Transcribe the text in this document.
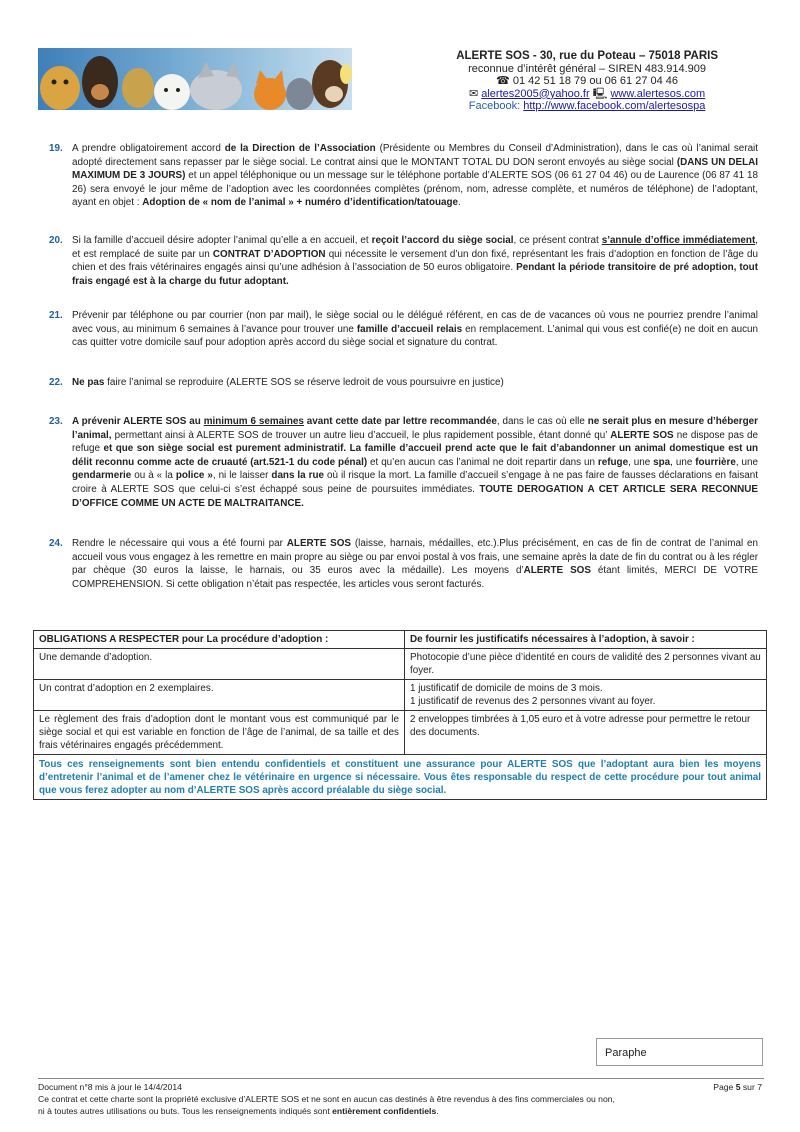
ALERTE SOS - 30, rue du Poteau – 75018 PARIS
reconnue d’intérêt général – SIREN 483.914.909
☎ 01 42 51 18 79 ou 06 61 27 04 46
✉ alertes2005@yahoo.fr 🖳 www.alertesos.com
Facebook: http://www.facebook.com/alertesospa
19. A prendre obligatoirement accord de la Direction de l’Association (Présidente ou Membres du Conseil d’Administration), dans le cas où l’animal serait adopté directement sans repasser par le siège social. Le contrat ainsi que le MONTANT TOTAL DU DON seront envoyés au siège social (DANS UN DELAI MAXIMUM DE 3 JOURS) et un appel téléphonique ou un message sur le téléphone portable d’ALERTE SOS (06 61 27 04 46) ou de Laurence (06 87 41 18 26) sera envoyé le jour même de l’adoption avec les coordonnées complètes (prénom, nom, adresse complète, et numéros de téléphone) de l’adoptant, ayant en objet : Adoption de « nom de l’animal » + numéro d’identification/tatouage.
20. Si la famille d’accueil désire adopter l’animal qu’elle a en accueil, et reçoit l’accord du siège social, ce présent contrat s’annule d’office immédiatement, et est remplacé de suite par un CONTRAT D’ADOPTION qui nécessite le versement d’un don fixé, représentant les frais d’adoption en fonction de l’âge du chien et des frais vétérinaires engagés ainsi qu’une adhésion à l’association de 50 euros obligatoire. Pendant la période transitoire de pré adoption, tout frais engagé est à la charge du futur adoptant.
21. Prévenir par téléphone ou par courrier (non par mail), le siège social ou le délégué référent, en cas de de vacances où vous ne pourriez prendre l’animal avec vous, au minimum 6 semaines à l’avance pour trouver une famille d’accueil relais en remplacement. L’animal qui vous est confié(e) ne doit en aucun cas quitter votre domicile sauf pour adoption après accord du siège social et signature du contrat.
22. Ne pas faire l’animal se reproduire (ALERTE SOS se réserve ledroit de vous poursuivre en justice)
23. A prévenir ALERTE SOS au minimum 6 semaines avant cette date par lettre recommandée, dans le cas où elle ne serait plus en mesure d’héberger l’animal, permettant ainsi à ALERTE SOS de trouver un autre lieu d’accueil, le plus rapidement possible, étant donné qu’ ALERTE SOS ne dispose pas de refuge et que son siège social est purement administratif. La famille d’accueil prend acte que le fait d’abandonner un animal domestique est un délit reconnu comme acte de cruauté (art.521-1 du code pénal) et qu’en aucun cas l’animal ne doit repartir dans un refuge, une spa, une fourrière, une gendarmerie ou à « la police », ni le laisser dans la rue où il risque la mort. La famille d’accueil s’engage à ne pas faire de fausses déclarations en faisant croire à ALERTE SOS que celui-ci s’est échappé sous peine de poursuites immédiates. TOUTE DEROGATION A CET ARTICLE SERA RECONNUE D’OFFICE COMME UN ACTE DE MALTRAITANCE.
24. Rendre le nécessaire qui vous a été fourni par ALERTE SOS (laisse, harnais, médailles, etc.).Plus précisément, en cas de fin de contrat de l’animal en accueil vous vous engagez à les remettre en main propre au siège ou par envoi postal à vos frais, une semaine après la date de fin du contrat ou à les régler par chèque (30 euros la laisse, le harnais, ou 35 euros avec la médaille). Les moyens d’ALERTE SOS étant limités, MERCI DE VOTRE COMPREHENSION. Si cette obligation n’était pas respectée, les articles vous seront facturés.
OBLIGATIONS A RESPECTER pour La procédure d’adoption :	De fournir les justificatifs nécessaires à l’adoption, à savoir :
Une demande d’adoption.	Photocopie d’une pièce d’identité en cours de validité des 2 personnes vivant au foyer.
Un contrat d’adoption en 2 exemplaires.	1 justificatif de domicile de moins de 3 mois.
1 justificatif de revenus des 2 personnes vivant au foyer.

Le règlement des frais d’adoption dont le montant vous est communiqué par le siège social et qui est variable en fonction de l’âge de l’animal, de sa taille et des frais vétérinaires engagés précédemment.	2 enveloppes timbrées à 1,05 euro et à votre adresse pour permettre le retour des documents.
Tous ces renseignements sont bien entendu confidentiels et constituent une assurance pour ALERTE SOS que l’adoptant aura bien les moyens d’entretenir l’animal et de l’amener chez le vétérinaire en urgence si nécessaire. Vous êtes responsable du respect de cette procédure pour tout animal que vous ferez adopter au nom d’ALERTE SOS après accord préalable du siège social.	
Paraphe
Document n°8 mis à jour le 14/4/2014	Page 5 sur 7
Ce contrat et cette charte sont la propriété exclusive d’ALERTE SOS et ne sont en aucun cas destinés à être revendus à des fins commerciales ou non,
ni à toutes autres utilisations ou buts. Tous les renseignements indiqués sont entièrement confidentiels.
